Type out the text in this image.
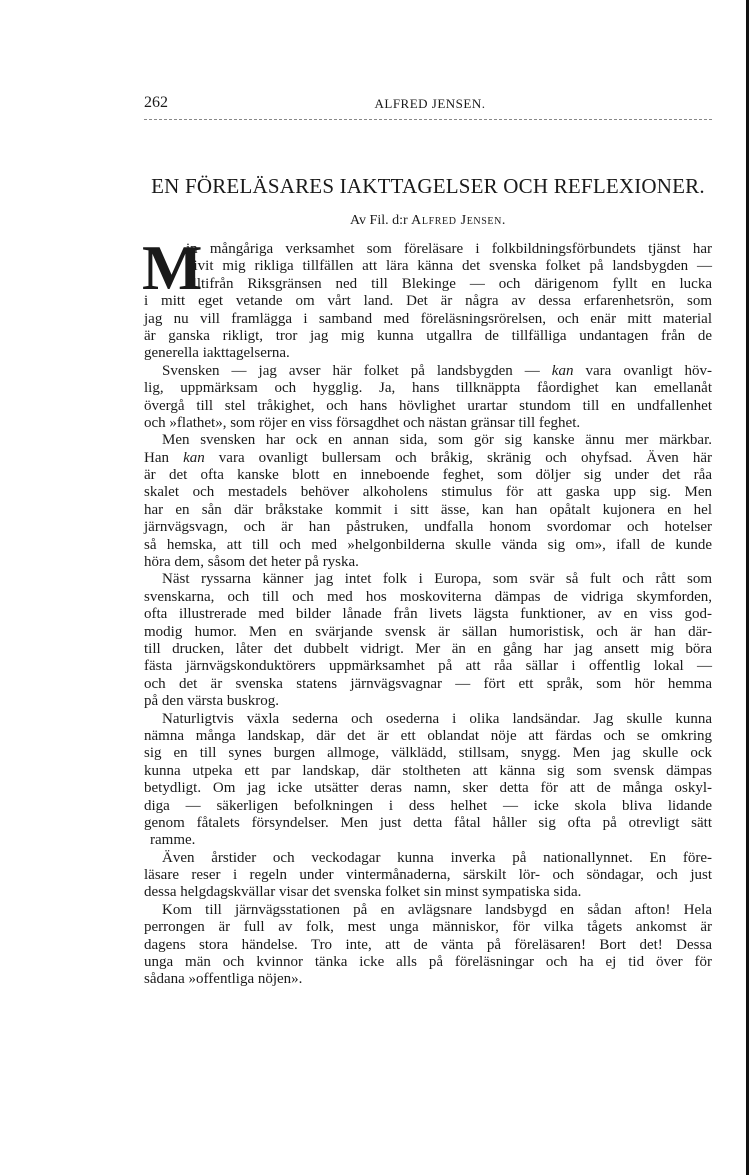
262	ALFRED JENSEN.
EN FÖRELÄSARES IAKTTAGELSER OCH REFLEXIONER.
Av Fil. d:r Alfred Jensen.
M
in mångåriga verksamhet som föreläsare i folkbildningsförbundets tjänst har
givit mig rikliga tillfällen att lära känna det svenska folket på landsbygden —
alltifrån Riksgränsen ned till Blekinge — och därigenom fyllt en lucka
i mitt eget vetande om vårt land. Det är några av dessa erfarenhetsrön, som
jag nu vill framlägga i samband med föreläsningsrörelsen, och enär mitt material
är ganska rikligt, tror jag mig kunna utgallra de tillfälliga undantagen från de
generella iakttagelserna.
Svensken — jag avser här folket på landsbygden — kan vara ovanligt höv-
lig, uppmärksam och hygglig. Ja, hans tillknäppta fåordighet kan emellanåt
övergå till stel tråkighet, och hans hövlighet urartar stundom till en undfallenhet
och »flathet», som röjer en viss försagdhet och nästan gränsar till feghet.
Men svensken har ock en annan sida, som gör sig kanske ännu mer märkbar.
Han kan vara ovanligt bullersam och bråkig, skränig och ohyfsad. Även här
är det ofta kanske blott en inneboende feghet, som döljer sig under det råa
skalet och mestadels behöver alkoholens stimulus för att gaska upp sig. Men
har en sån där bråkstake kommit i sitt ässe, kan han opåtalt kujonera en hel
järnvägsvagn, och är han påstruken, undfalla honom svordomar och hotelser
så hemska, att till och med »helgonbilderna skulle vända sig om», ifall de kunde
höra dem, såsom det heter på ryska.
Näst ryssarna känner jag intet folk i Europa, som svär så fult och rått som
svenskarna, och till och med hos moskoviterna dämpas de vidriga skymforden,
ofta illustrerade med bilder lånade från livets lägsta funktioner, av en viss god-
modig humor. Men en svärjande svensk är sällan humoristisk, och är han där-
till drucken, låter det dubbelt vidrigt. Mer än en gång har jag ansett mig böra
fästa järnvägskonduktörers uppmärksamhet på att råa sällar i offentlig lokal —
och det är svenska statens järnvägsvagnar — fört ett språk, som hör hemma
på den värsta buskrog.
Naturligtvis växla sederna och osederna i olika landsändar. Jag skulle kunna
nämna många landskap, där det är ett oblandat nöje att färdas och se omkring
sig en till synes burgen allmoge, välklädd, stillsam, snygg. Men jag skulle ock
kunna utpeka ett par landskap, där stoltheten att känna sig som svensk dämpas
betydligt. Om jag icke utsätter deras namn, sker detta för att de många oskyl-
diga — säkerligen befolkningen i dess helhet — icke skola bliva lidande
genom fåtalets försyndelser. Men just detta fåtal håller sig ofta på otrevligt sätt
ramme.
Även årstider och veckodagar kunna inverka på nationallynnet. En före-
läsare reser i regeln under vintermånaderna, särskilt lör- och söndagar, och just
dessa helgdagskvällar visar det svenska folket sin minst sympatiska sida.
Kom till järnvägsstationen på en avlägsnare landsbygd en sådan afton! Hela
perrongen är full av folk, mest unga människor, för vilka tågets ankomst är
dagens stora händelse. Tro inte, att de vänta på föreläsaren! Bort det! Dessa
unga män och kvinnor tänka icke alls på föreläsningar och ha ej tid över för
sådana »offentliga nöjen».
